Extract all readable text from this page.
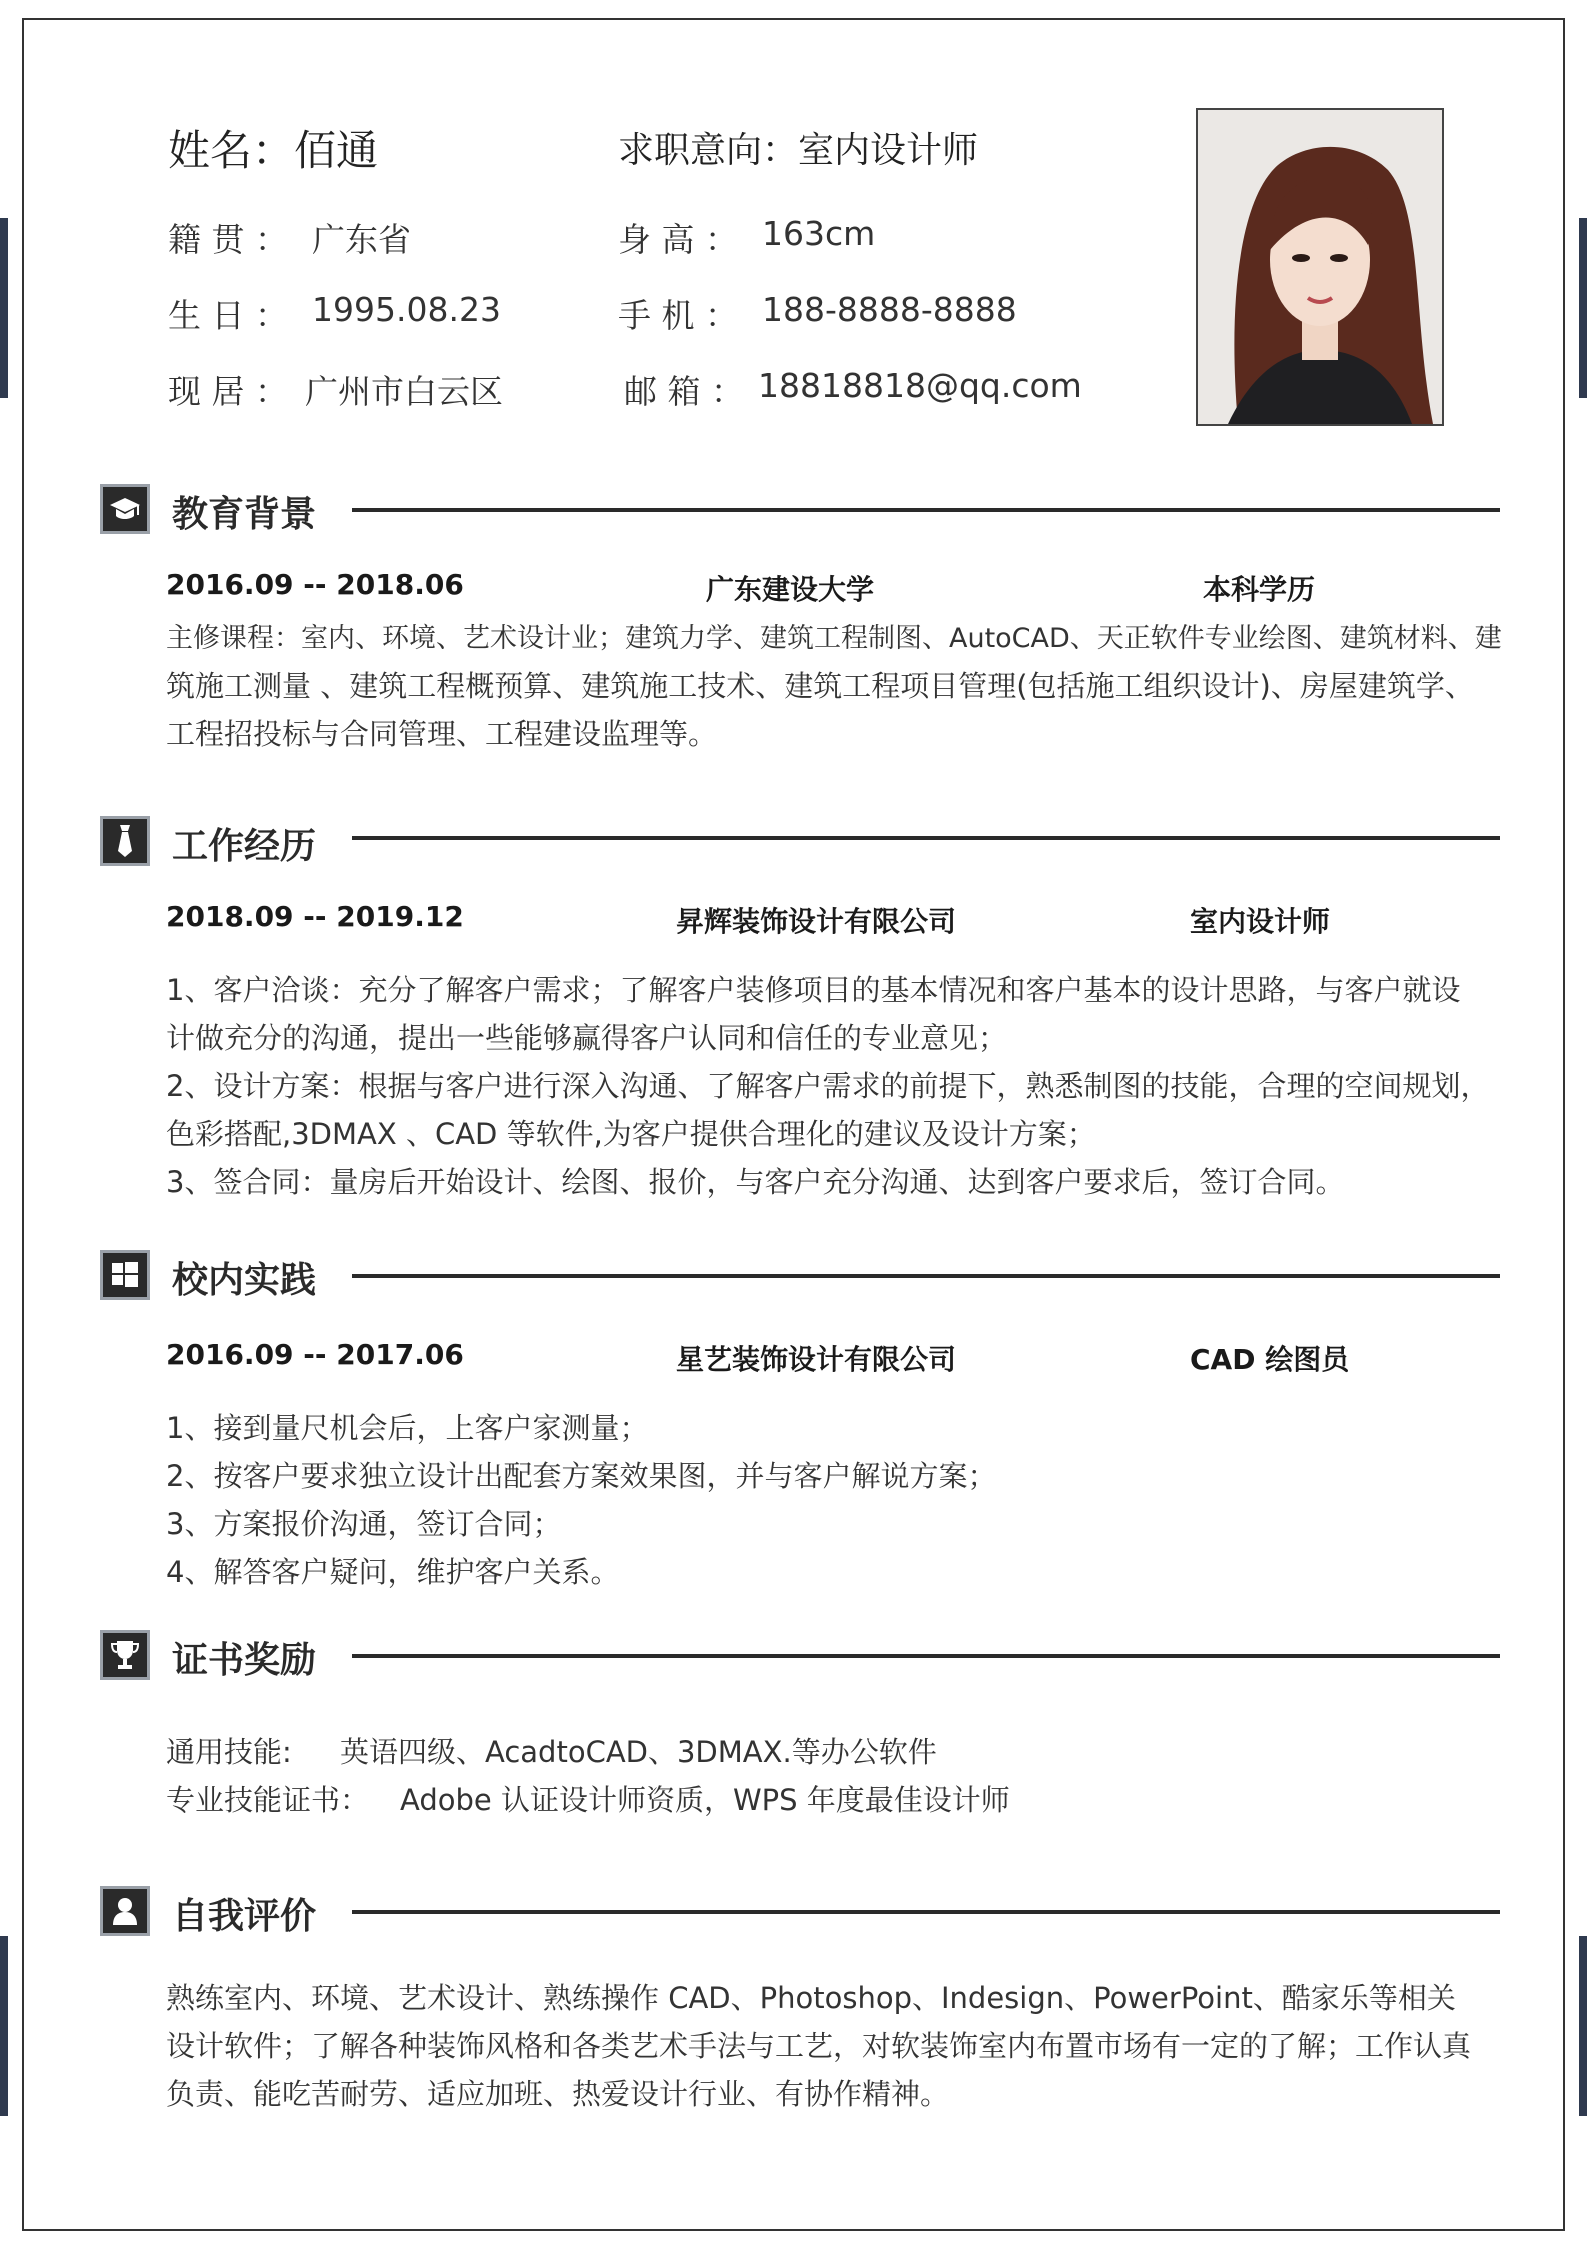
姓名：佰通	求职意向：室内设计师
籍 贯 ： 广东省	身 高 ： 163cm
生 日 ： 1995.08.23	手 机 ： 188-8888-8888
现 居 ： 广州市白云区	邮 箱 ： 18818818@qq.com
教育背景
2016.09 -- 2018.06	广东建设大学	本科学历
主修课程：室内、环境、艺术设计业；建筑力学、建筑工程制图、AutoCAD、天正软件专业绘图、建筑材料、建
筑施工测量 、建筑工程概预算、建筑施工技术、建筑工程项目管理(包括施工组织设计)、房屋建筑学、
工程招投标与合同管理、工程建设监理等。
工作经历
2018.09 -- 2019.12	昇辉装饰设计有限公司	室内设计师
1、客户洽谈：充分了解客户需求；了解客户装修项目的基本情况和客户基本的设计思路，与客户就设
计做充分的沟通，提出一些能够赢得客户认同和信任的专业意见；
2、设计方案：根据与客户进行深入沟通、了解客户需求的前提下，熟悉制图的技能，合理的空间规划，
色彩搭配,3DMAX 、CAD 等软件,为客户提供合理化的建议及设计方案；
3、签合同：量房后开始设计、绘图、报价，与客户充分沟通、达到客户要求后，签订合同。
校内实践
2016.09 -- 2017.06	星艺装饰设计有限公司	CAD 绘图员
1、接到量尺机会后，上客户家测量；
2、按客户要求独立设计出配套方案效果图，并与客户解说方案；
3、方案报价沟通，签订合同；
4、解答客户疑问，维护客户关系。
证书奖励
通用技能: 英语四级、AcadtoCAD、3DMAX.等办公软件
专业技能证书： Adobe 认证设计师资质，WPS 年度最佳设计师
自我评价
熟练室内、环境、艺术设计、熟练操作 CAD、Photoshop、Indesign、PowerPoint、酷家乐等相关
设计软件；了解各种装饰风格和各类艺术手法与工艺，对软装饰室内布置市场有一定的了解；工作认真
负责、能吃苦耐劳、适应加班、热爱设计行业、有协作精神。
